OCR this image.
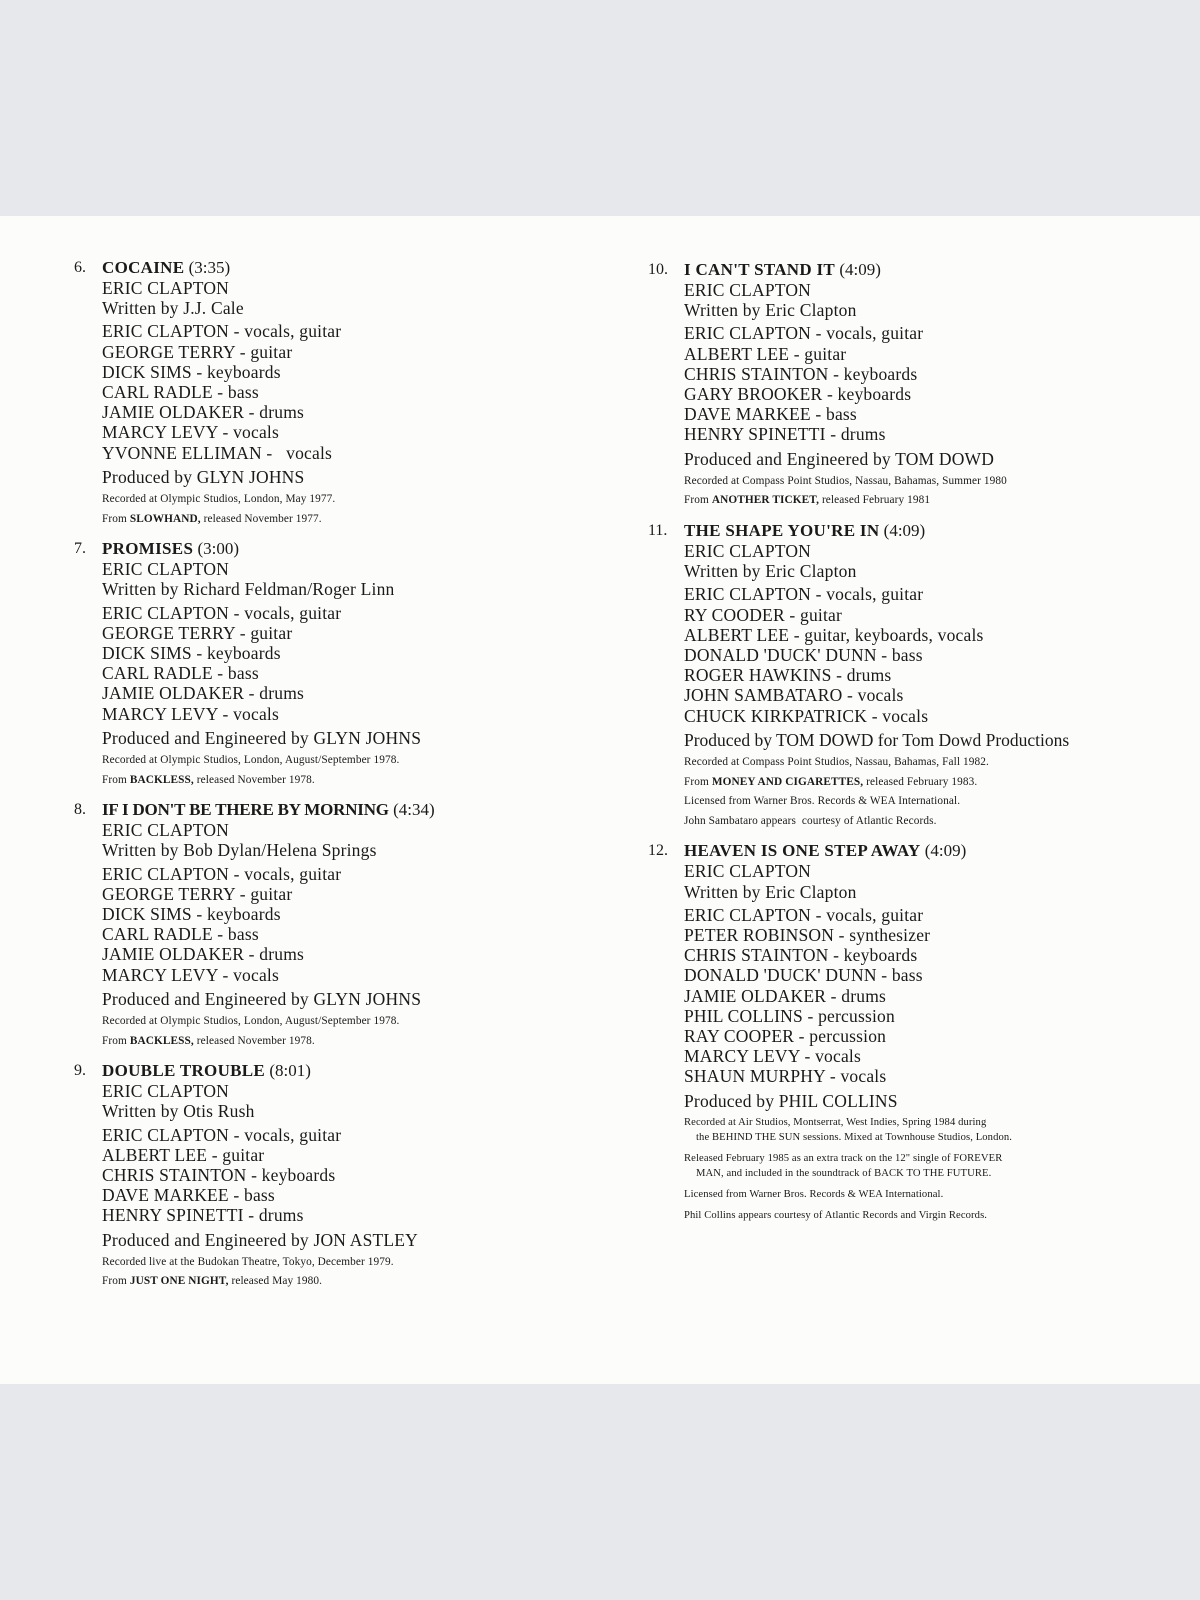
6. COCAINE (3:35)
ERIC CLAPTON
Written by J.J. Cale
ERIC CLAPTON - vocals, guitar
GEORGE TERRY - guitar
DICK SIMS - keyboards
CARL RADLE - bass
JAMIE OLDAKER - drums
MARCY LEVY - vocals
YVONNE ELLIMAN -   vocals
Produced by GLYN JOHNS
Recorded at Olympic Studios, London, May 1977.
From SLOWHAND, released November 1977.
7. PROMISES (3:00)
ERIC CLAPTON
Written by Richard Feldman/Roger Linn
ERIC CLAPTON - vocals, guitar
GEORGE TERRY - guitar
DICK SIMS - keyboards
CARL RADLE - bass
JAMIE OLDAKER - drums
MARCY LEVY - vocals
Produced and Engineered by GLYN JOHNS
Recorded at Olympic Studios, London, August/September 1978.
From BACKLESS, released November 1978.
8. IF I DON'T BE THERE BY MORNING (4:34)
ERIC CLAPTON
Written by Bob Dylan/Helena Springs
ERIC CLAPTON - vocals, guitar
GEORGE TERRY - guitar
DICK SIMS - keyboards
CARL RADLE - bass
JAMIE OLDAKER - drums
MARCY LEVY - vocals
Produced and Engineered by GLYN JOHNS
Recorded at Olympic Studios, London, August/September 1978.
From BACKLESS, released November 1978.
9. DOUBLE TROUBLE (8:01)
ERIC CLAPTON
Written by Otis Rush
ERIC CLAPTON - vocals, guitar
ALBERT LEE - guitar
CHRIS STAINTON - keyboards
DAVE MARKEE - bass
HENRY SPINETTI - drums
Produced and Engineered by JON ASTLEY
Recorded live at the Budokan Theatre, Tokyo, December 1979.
From JUST ONE NIGHT, released May 1980.
10. I CAN'T STAND IT (4:09)
ERIC CLAPTON
Written by Eric Clapton
ERIC CLAPTON - vocals, guitar
ALBERT LEE - guitar
CHRIS STAINTON - keyboards
GARY BROOKER - keyboards
DAVE MARKEE - bass
HENRY SPINETTI - drums
Produced and Engineered by TOM DOWD
Recorded at Compass Point Studios, Nassau, Bahamas, Summer 1980
From ANOTHER TICKET, released February 1981
11. THE SHAPE YOU'RE IN (4:09)
ERIC CLAPTON
Written by Eric Clapton
ERIC CLAPTON - vocals, guitar
RY COODER - guitar
ALBERT LEE - guitar, keyboards, vocals
DONALD 'DUCK' DUNN - bass
ROGER HAWKINS - drums
JOHN SAMBATARO - vocals
CHUCK KIRKPATRICK - vocals
Produced by TOM DOWD for Tom Dowd Productions
Recorded at Compass Point Studios, Nassau, Bahamas, Fall 1982.
From MONEY AND CIGARETTES, released February 1983.
Licensed from Warner Bros. Records & WEA International.
John Sambataro appears  courtesy of Atlantic Records.
12. HEAVEN IS ONE STEP AWAY (4:09)
ERIC CLAPTON
Written by Eric Clapton
ERIC CLAPTON - vocals, guitar
PETER ROBINSON - synthesizer
CHRIS STAINTON - keyboards
DONALD 'DUCK' DUNN - bass
JAMIE OLDAKER - drums
PHIL COLLINS - percussion
RAY COOPER - percussion
MARCY LEVY - vocals
SHAUN MURPHY - vocals
Produced by PHIL COLLINS
Recorded at Air Studios, Montserrat, West Indies, Spring 1984 during
the BEHIND THE SUN sessions. Mixed at Townhouse Studios, London.
Released February 1985 as an extra track on the 12" single of FOREVER
MAN, and included in the soundtrack of BACK TO THE FUTURE.
Licensed from Warner Bros. Records & WEA International.
Phil Collins appears courtesy of Atlantic Records and Virgin Records.
